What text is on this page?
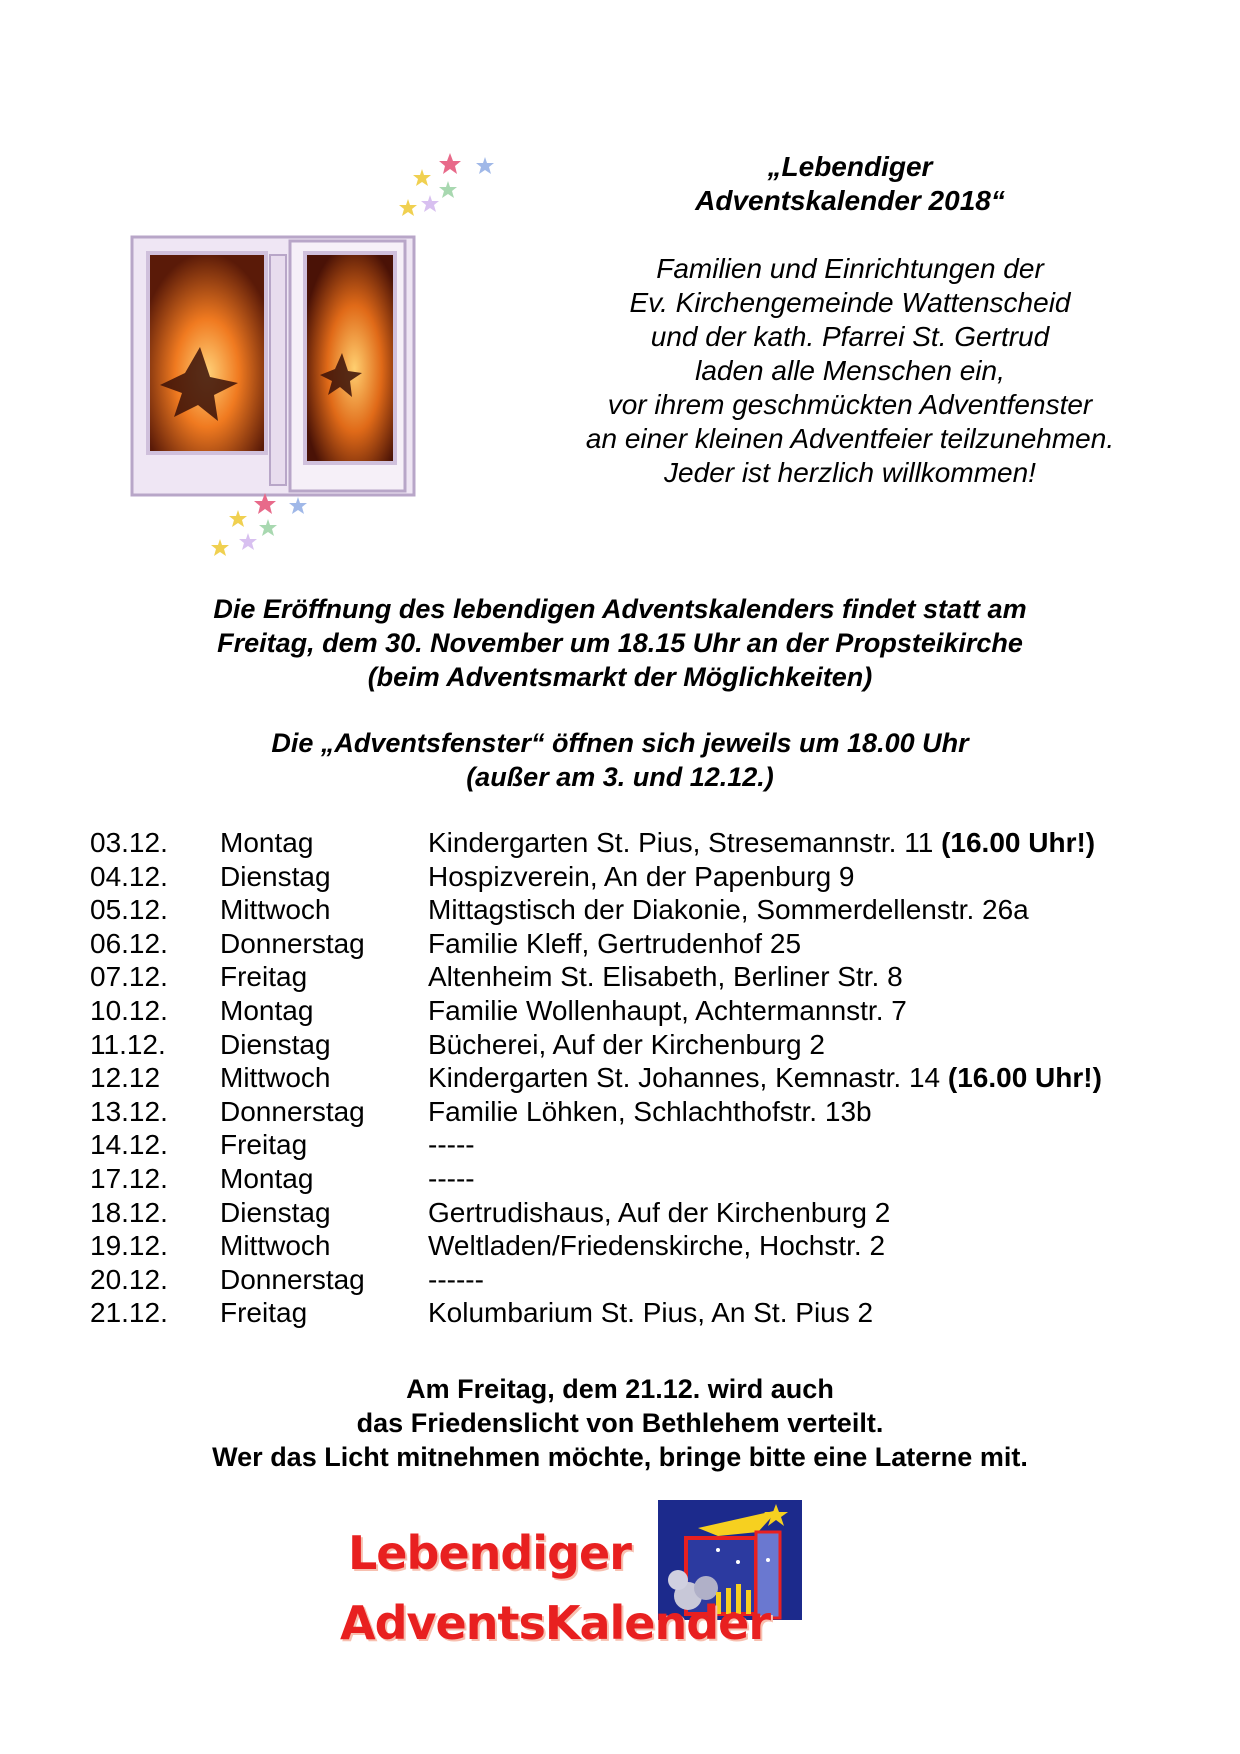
„Lebendiger
Adventskalender 2018“
Familien und Einrichtungen der
Ev. Kirchengemeinde Wattenscheid
und der kath. Pfarrei St. Gertrud
laden alle Menschen ein,
vor ihrem geschmückten Adventfenster
an einer kleinen Adventfeier teilzunehmen.
Jeder ist herzlich willkommen!
Die Eröffnung des lebendigen Adventskalenders findet statt am
Freitag, dem 30. November um 18.15 Uhr an der Propsteikirche
(beim Adventsmarkt der Möglichkeiten)
Die „Adventsfenster“ öffnen sich jeweils um 18.00 Uhr
(außer am 3. und 12.12.)
03.12. Montag	Kindergarten St. Pius, Stresemannstr. 11 (16.00 Uhr!)
04.12. Dienstag	Hospizverein, An der Papenburg 9
05.12. Mittwoch	Mittagstisch der Diakonie, Sommerdellenstr. 26a
06.12. Donnerstag Familie Kleff, Gertrudenhof 25
07.12. Freitag	Altenheim St. Elisabeth, Berliner Str. 8
10.12. Montag	Familie Wollenhaupt, Achtermannstr. 7
11.12. Dienstag	Bücherei, Auf der Kirchenburg 2
12.12 Mittwoch	Kindergarten St. Johannes, Kemnastr. 14 (16.00 Uhr!)
13.12. Donnerstag Familie Löhken, Schlachthofstr. 13b
14.12. Freitag	-----
17.12. Montag	-----
18.12. Dienstag	Gertrudishaus, Auf der Kirchenburg 2
19.12. Mittwoch	Weltladen/Friedenskirche, Hochstr. 2
20.12. Donnerstag ------
21.12. Freitag	Kolumbarium St. Pius, An St. Pius 2
Am Freitag, dem 21.12. wird auch
das Friedenslicht von Bethlehem verteilt.
Wer das Licht mitnehmen möchte, bringe bitte eine Laterne mit.
Lebendiger
AdventsKalender
